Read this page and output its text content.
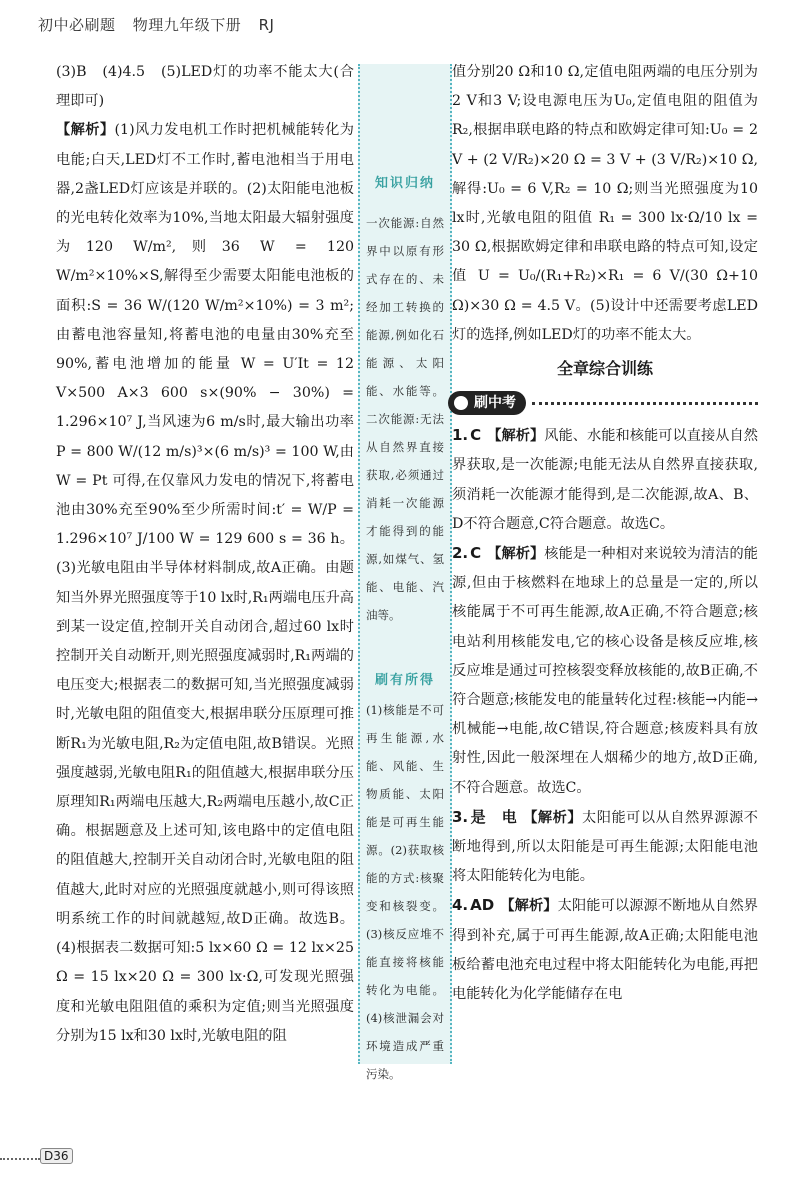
初中必刷题 物理九年级下册 RJ

(3)B　(4)4.5　(5)LED灯的功率不能太大(合理即可)

【解析】(1)风力发电机工作时把机械能转化为电能;白天,LED灯不工作时,蓄电池相当于用电器,2盏LED灯应该是并联的。(2)太阳能电池板的光电转化效率为10%,当地太阳最大辐射强度为120 W/m²,则36 W = 120 W/m²×10%×S,解得至少需要太阳能电池板的面积:S = 36 W/(120 W/m²×10%) = 3 m²;由蓄电池容量知,将蓄电池的电量由30%充至90%,蓄电池增加的能量 W = U′It = 12 V×500 A×3 600 s×(90% − 30%) = 1.296×10⁷ J,当风速为6 m/s时,最大输出功率 P = 800 W/(12 m/s)³×(6 m/s)³ = 100 W,由 W = Pt 可得,在仅靠风力发电的情况下,将蓄电池由30%充至90%至少所需时间:t′ = W/P = 1.296×10⁷ J/100 W = 129 600 s = 36 h。(3)光敏电阻由半导体材料制成,故A正确。由题知当外界光照强度等于10 lx时,R₁两端电压升高到某一设定值,控制开关自动闭合,超过60 lx时控制开关自动断开,则光照强度减弱时,R₁两端的电压变大;根据表二的数据可知,当光照强度减弱时,光敏电阻的阻值变大,根据串联分压原理可推断R₁为光敏电阻,R₂为定值电阻,故B错误。光照强度越弱,光敏电阻R₁的阻值越大,根据串联分压原理知R₁两端电压越大,R₂两端电压越小,故C正确。根据题意及上述可知,该电路中的定值电阻的阻值越大,控制开关自动闭合时,光敏电阻的阻值越大,此时对应的光照强度就越小,则可得该照明系统工作的时间就越短,故D正确。故选B。(4)根据表二数据可知:5 lx×60 Ω = 12 lx×25 Ω = 15 lx×20 Ω = 300 lx·Ω,可发现光照强度和光敏电阻阻值的乘积为定值;则当光照强度分别为15 lx和30 lx时,光敏电阻的阻

知识归纳
一次能源:自然界中以原有形式存在的、未经加工转换的能源,例如化石能源、太阳能、水能等。二次能源:无法从自然界直接获取,必须通过消耗一次能源才能得到的能源,如煤气、氢能、电能、汽油等。
刷有所得
(1)核能是不可再生能源,水能、风能、生物质能、太阳能是可再生能源。(2)获取核能的方式:核聚变和核裂变。(3)核反应堆不能直接将核能转化为电能。(4)核泄漏会对环境造成严重污染。

值分别20 Ω和10 Ω,定值电阻两端的电压分别为2 V和3 V;设电源电压为U₀,定值电阻的阻值为R₂,根据串联电路的特点和欧姆定律可知:U₀ = 2 V + (2 V/R₂)×20 Ω = 3 V + (3 V/R₂)×10 Ω,解得:U₀ = 6 V,R₂ = 10 Ω;则当光照强度为10 lx时,光敏电阻的阻值 R₁ = 300 lx·Ω/10 lx = 30 Ω,根据欧姆定律和串联电路的特点可知,设定值 U = U₀/(R₁+R₂)×R₁ = 6 V/(30 Ω+10 Ω)×30 Ω = 4.5 V。(5)设计中还需要考虑LED灯的选择,例如LED灯的功率不能太大。

全章综合训练
刷中考

1. C 【解析】风能、水能和核能可以直接从自然界获取,是一次能源;电能无法从自然界直接获取,须消耗一次能源才能得到,是二次能源,故A、B、D不符合题意,C符合题意。故选C。

2. C 【解析】核能是一种相对来说较为清洁的能源,但由于核燃料在地球上的总量是一定的,所以核能属于不可再生能源,故A正确,不符合题意;核电站利用核能发电,它的核心设备是核反应堆,核反应堆是通过可控核裂变释放核能的,故B正确,不符合题意;核能发电的能量转化过程:核能→内能→机械能→电能,故C错误,符合题意;核废料具有放射性,因此一般深埋在人烟稀少的地方,故D正确,不符合题意。故选C。

3. 是　电 【解析】太阳能可以从自然界源源不断地得到,所以太阳能是可再生能源;太阳能电池将太阳能转化为电能。

4. AD 【解析】太阳能可以源源不断地从自然界得到补充,属于可再生能源,故A正确;太阳能电池板给蓄电池充电过程中将太阳能转化为电能,再把电能转化为化学能储存在电

D36
